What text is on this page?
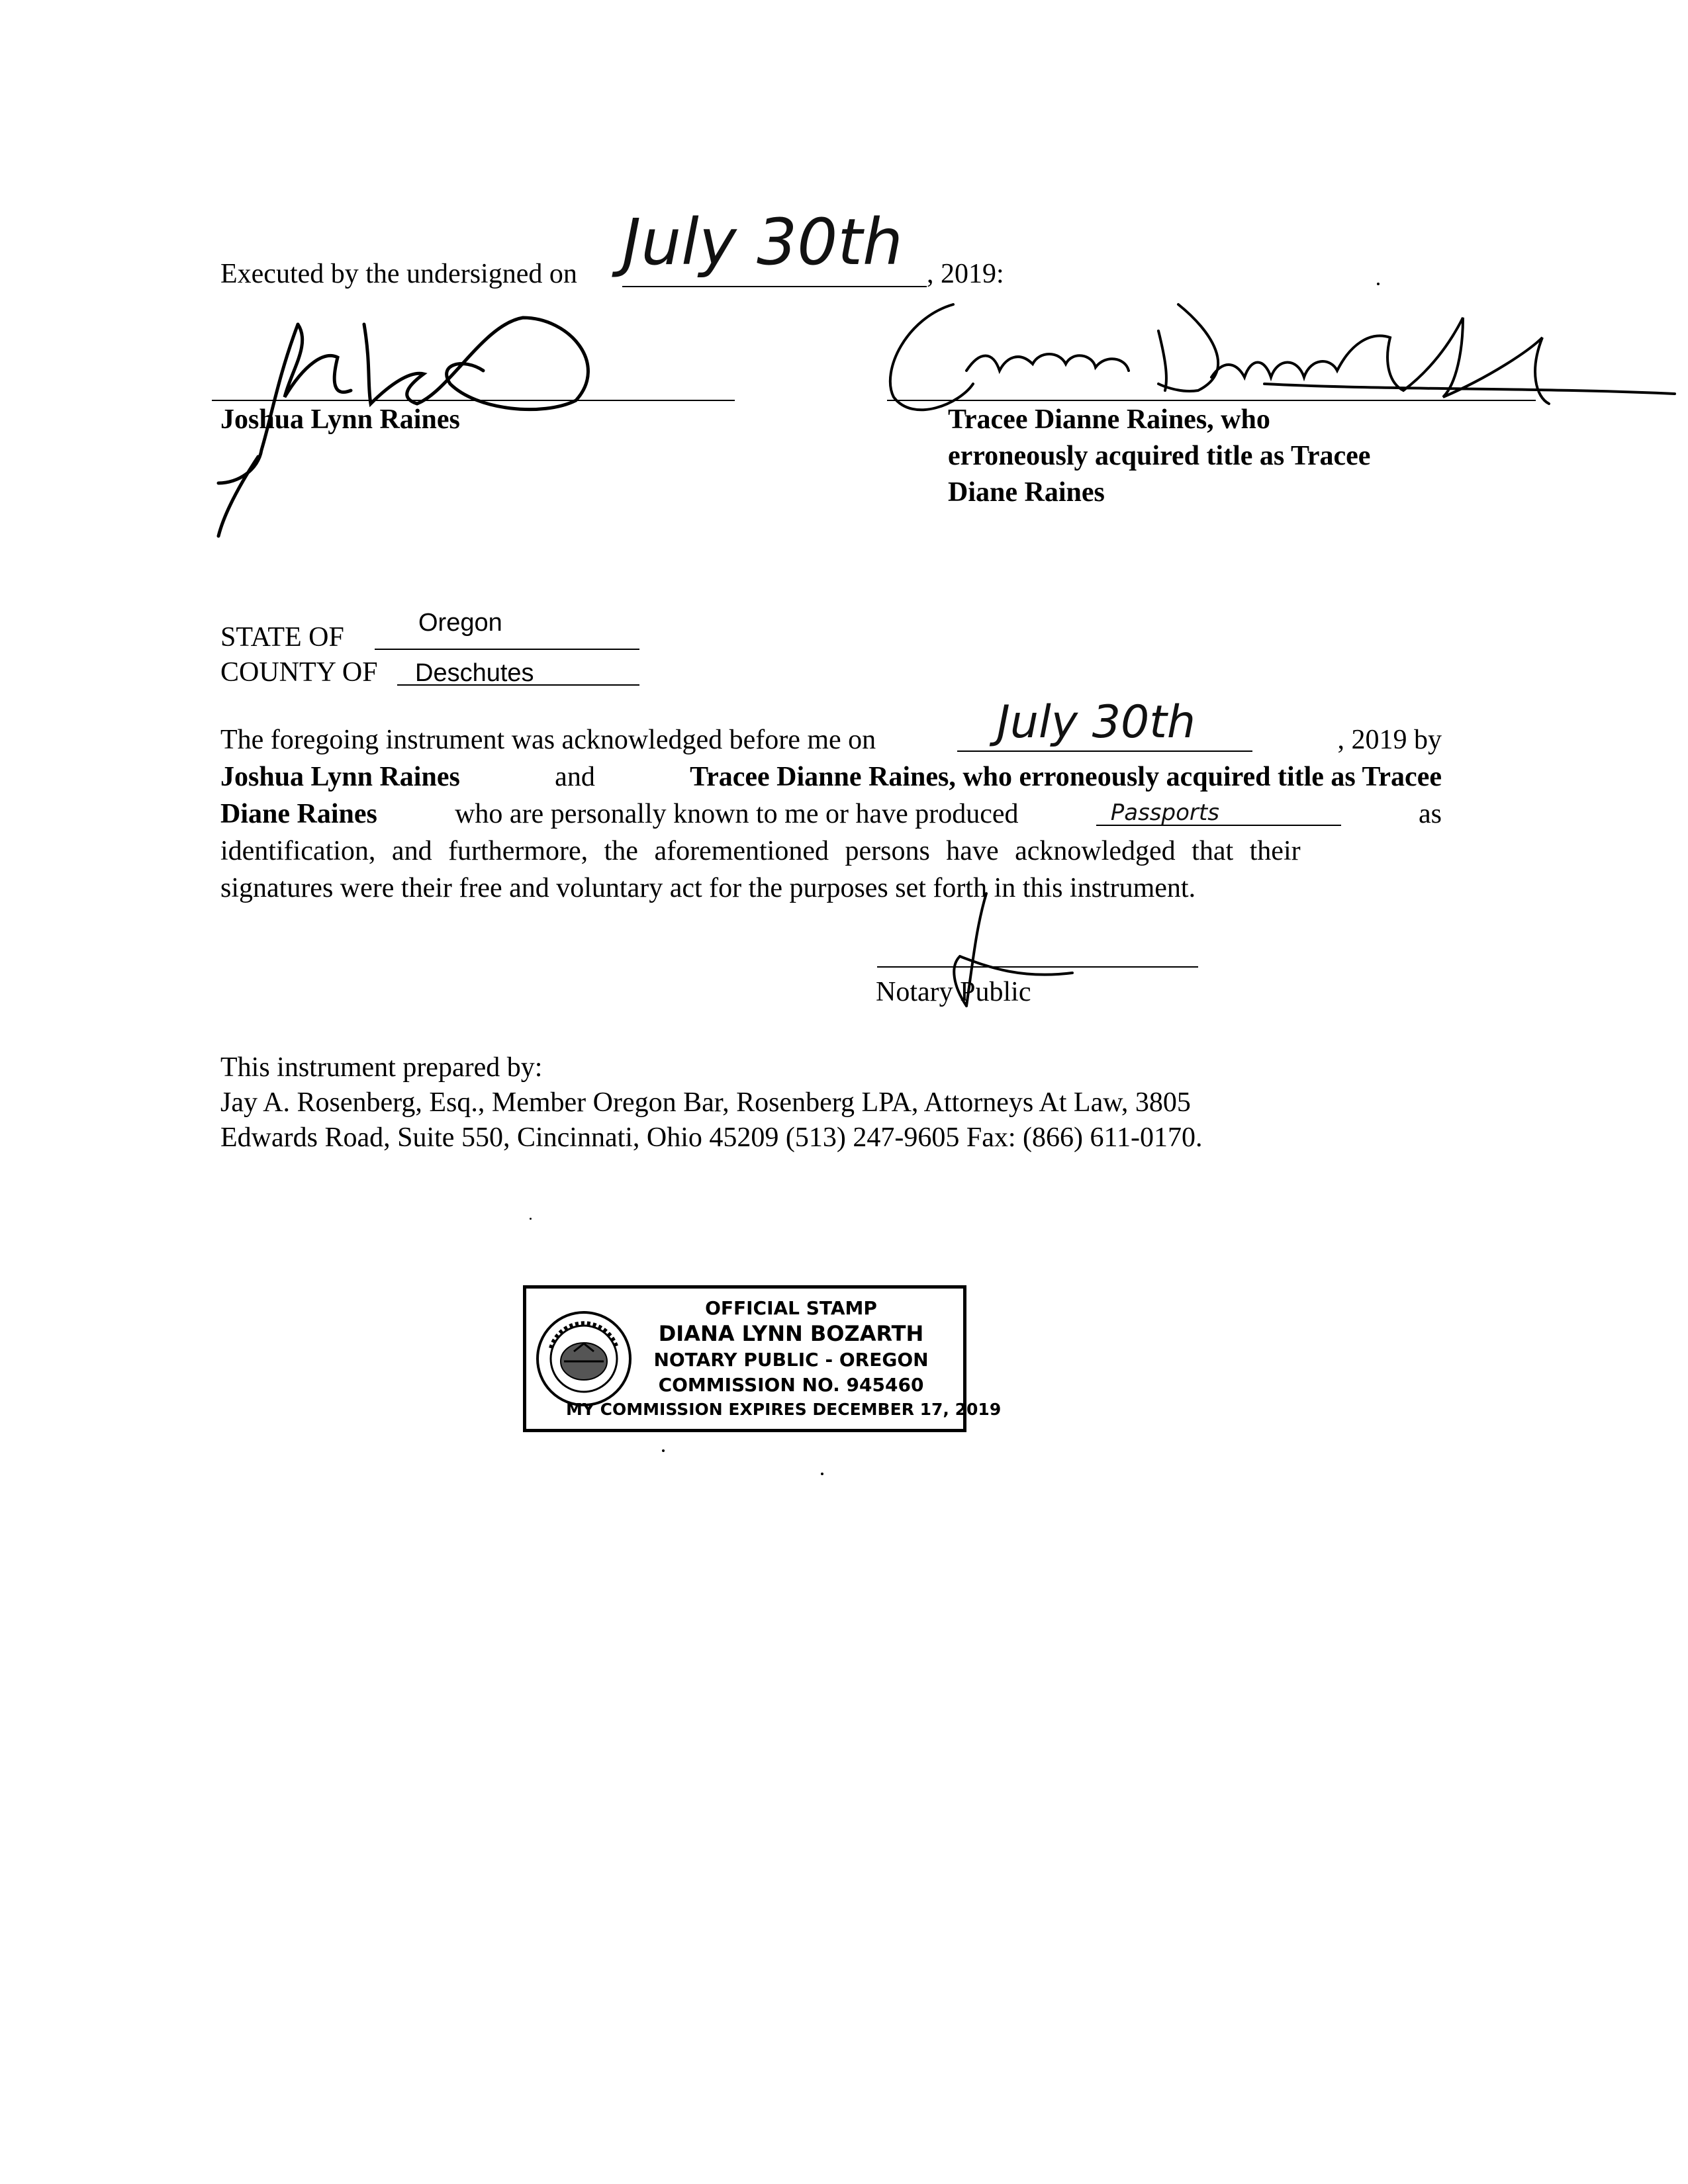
Executed by the undersigned on July 30th , 2019:
Joshua Lynn Raines	Tracee Dianne Raines, who
erroneously acquired title as Tracee
Diane Raines
STATE OF	Oregon
COUNTY OF Deschutes
The foregoing instrument was acknowledged before me on	July 30th	, 2019 by
Joshua Lynn Raines	and	Tracee Dianne Raines, who erroneously acquired title as Tracee
Diane Raines	who are personally known to me or have produced	Passports	as
identification, and furthermore, the aforementioned persons have acknowledged that their
signatures were their free and voluntary act for the purposes set forth in this instrument.
Notary Public
This instrument prepared by:
Jay A. Rosenberg, Esq., Member Oregon Bar, Rosenberg LPA, Attorneys At Law, 3805
Edwards Road, Suite 550, Cincinnati, Ohio 45209 (513) 247-9605 Fax: (866) 611-0170.
OFFICIAL STAMP
DIANA LYNN BOZARTH
NOTARY PUBLIC - OREGON
COMMISSION NO. 945460
MY COMMISSION EXPIRES DECEMBER 17, 2019
